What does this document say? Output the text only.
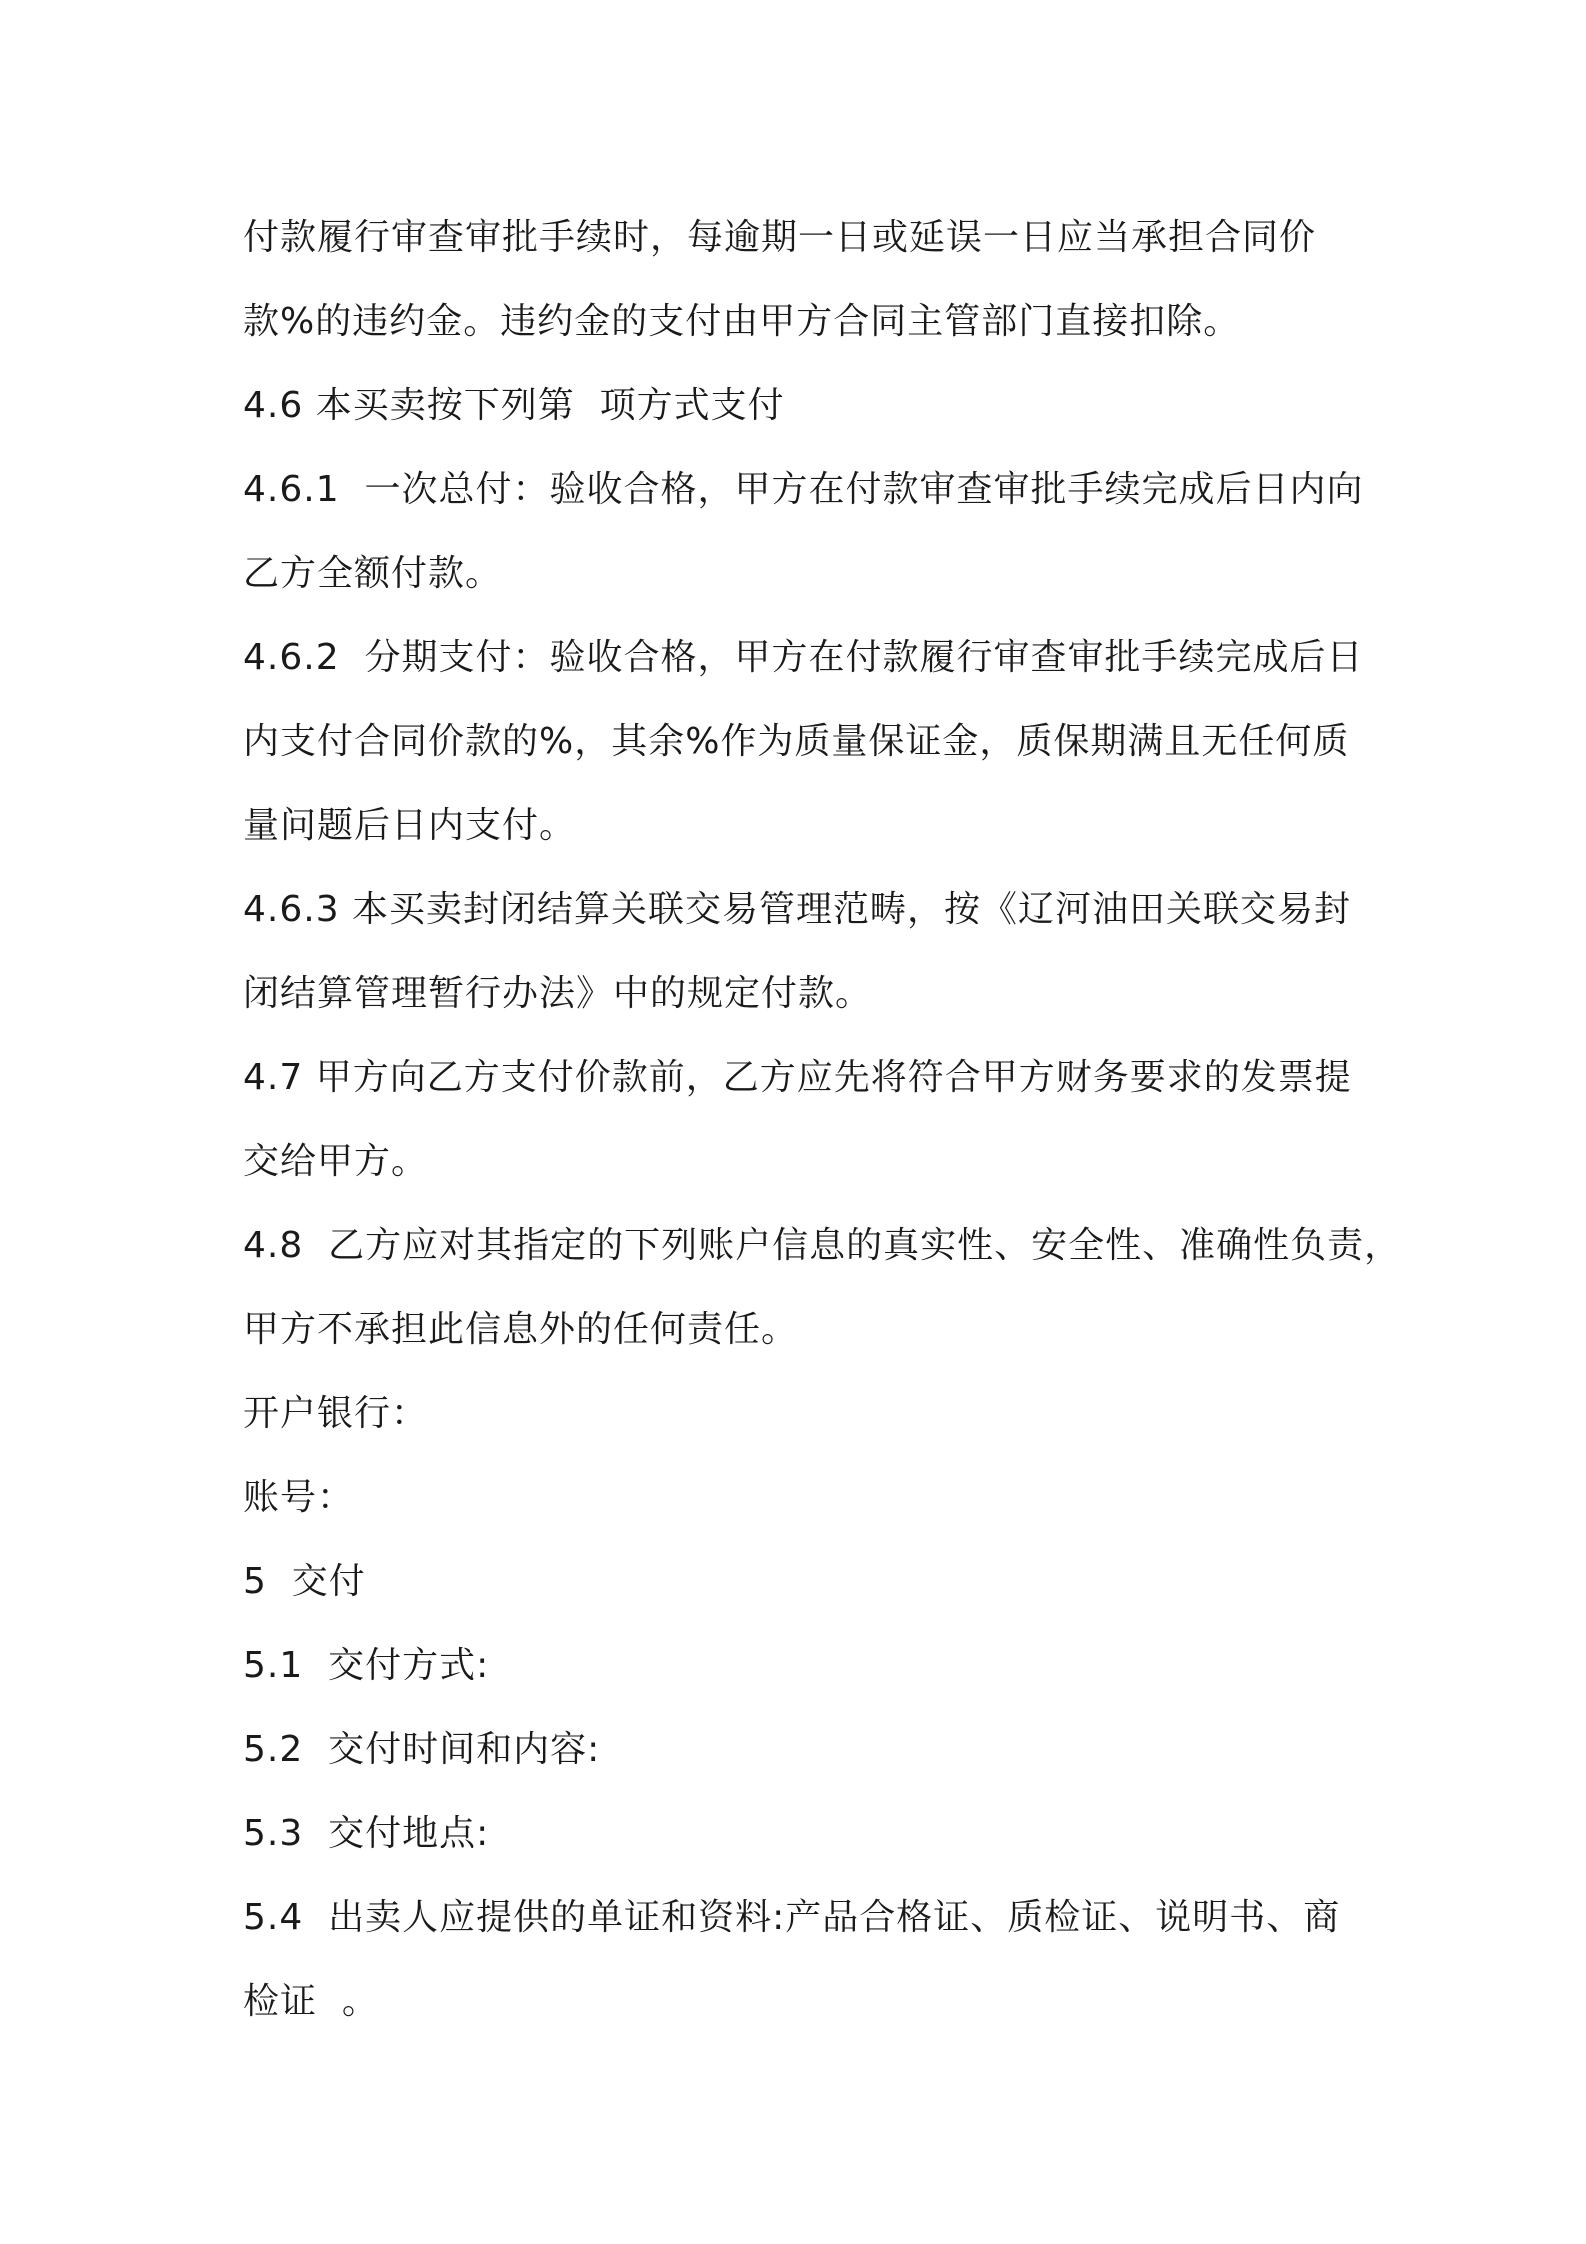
付款履行审查审批手续时，每逾期一日或延误一日应当承担合同价
款%的违约金。违约金的支付由甲方合同主管部门直接扣除。
4.6 本买卖按下列第  项方式支付
4.6.1  一次总付：验收合格，甲方在付款审查审批手续完成后日内向
乙方全额付款。
4.6.2  分期支付：验收合格，甲方在付款履行审查审批手续完成后日
内支付合同价款的%，其余%作为质量保证金，质保期满且无任何质
量问题后日内支付。
4.6.3 本买卖封闭结算关联交易管理范畴，按《辽河油田关联交易封
闭结算管理暂行办法》中的规定付款。
4.7 甲方向乙方支付价款前，乙方应先将符合甲方财务要求的发票提
交给甲方。
4.8  乙方应对其指定的下列账户信息的真实性、安全性、准确性负责，
甲方不承担此信息外的任何责任。
开户银行：
账号：
5  交付
5.1  交付方式:
5.2  交付时间和内容:
5.3  交付地点:
5.4  出卖人应提供的单证和资料:产品合格证、质检证、说明书、商
检证  。
